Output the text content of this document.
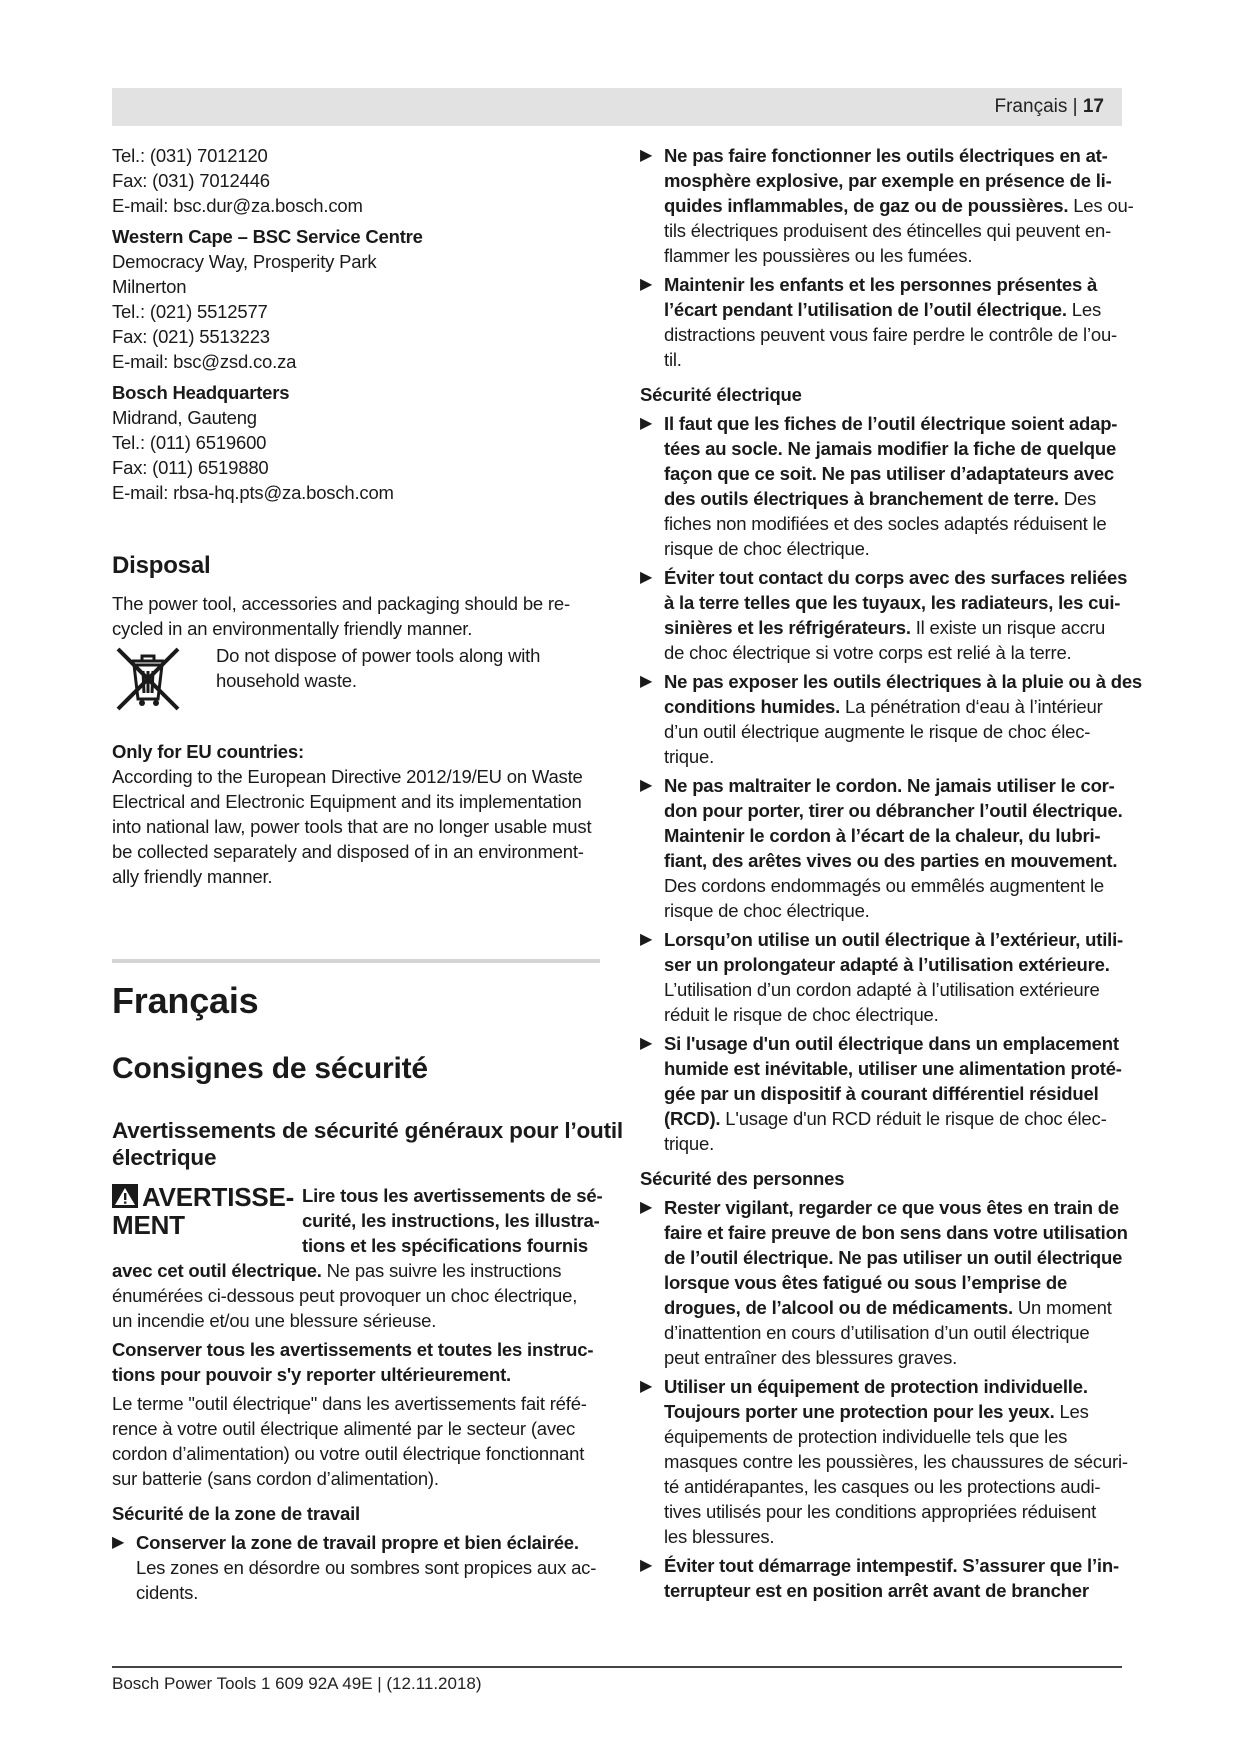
Français | 17
Tel.: (031) 7012120
Fax: (031) 7012446
E-mail: bsc.dur@za.bosch.com
Western Cape – BSC Service Centre
Democracy Way, Prosperity Park
Milnerton
Tel.: (021) 5512577
Fax: (021) 5513223
E-mail: bsc@zsd.co.za
Bosch Headquarters
Midrand, Gauteng
Tel.: (011) 6519600
Fax: (011) 6519880
E-mail: rbsa-hq.pts@za.bosch.com
Disposal
The power tool, accessories and packaging should be re-
cycled in an environmentally friendly manner.
Do not dispose of power tools along with
household waste.
Only for EU countries:
According to the European Directive 2012/19/EU on Waste
Electrical and Electronic Equipment and its implementation
into national law, power tools that are no longer usable must
be collected separately and disposed of in an environment-
ally friendly manner.
Français
Consignes de sécurité
Avertissements de sécurité généraux pour l’outil
électrique
AVERTISSE-
MENT
Lire tous les avertissements de sé-
curité, les instructions, les illustra-
tions et les spécifications fournis
avec cet outil électrique. Ne pas suivre les instructions
énumérées ci-dessous peut provoquer un choc électrique,
un incendie et/ou une blessure sérieuse.
Conserver tous les avertissements et toutes les instruc-
tions pour pouvoir s'y reporter ultérieurement.
Le terme "outil électrique" dans les avertissements fait réfé-
rence à votre outil électrique alimenté par le secteur (avec
cordon d’alimentation) ou votre outil électrique fonctionnant
sur batterie (sans cordon d’alimentation).
Sécurité de la zone de travail
▶ Conserver la zone de travail propre et bien éclairée.
Les zones en désordre ou sombres sont propices aux ac-
cidents.
▶ Ne pas faire fonctionner les outils électriques en at-
mosphère explosive, par exemple en présence de li-
quides inflammables, de gaz ou de poussières. Les ou-
tils électriques produisent des étincelles qui peuvent en-
flammer les poussières ou les fumées.
▶ Maintenir les enfants et les personnes présentes à
l’écart pendant l’utilisation de l’outil électrique. Les
distractions peuvent vous faire perdre le contrôle de l’ou-
til.
Sécurité électrique
▶ Il faut que les fiches de l’outil électrique soient adap-
tées au socle. Ne jamais modifier la fiche de quelque
façon que ce soit. Ne pas utiliser d’adaptateurs avec
des outils électriques à branchement de terre. Des
fiches non modifiées et des socles adaptés réduisent le
risque de choc électrique.
▶ Éviter tout contact du corps avec des surfaces reliées
à la terre telles que les tuyaux, les radiateurs, les cui-
sinières et les réfrigérateurs. Il existe un risque accru
de choc électrique si votre corps est relié à la terre.
▶ Ne pas exposer les outils électriques à la pluie ou à des
conditions humides. La pénétration d‘eau à l’intérieur
d’un outil électrique augmente le risque de choc élec-
trique.
▶ Ne pas maltraiter le cordon. Ne jamais utiliser le cor-
don pour porter, tirer ou débrancher l’outil électrique.
Maintenir le cordon à l’écart de la chaleur, du lubri-
fiant, des arêtes vives ou des parties en mouvement.
Des cordons endommagés ou emmêlés augmentent le
risque de choc électrique.
▶ Lorsqu’on utilise un outil électrique à l’extérieur, utili-
ser un prolongateur adapté à l’utilisation extérieure.
L’utilisation d’un cordon adapté à l’utilisation extérieure
réduit le risque de choc électrique.
▶ Si l'usage d'un outil électrique dans un emplacement
humide est inévitable, utiliser une alimentation proté-
gée par un dispositif à courant différentiel résiduel
(RCD). L'usage d'un RCD réduit le risque de choc élec-
trique.
Sécurité des personnes
▶ Rester vigilant, regarder ce que vous êtes en train de
faire et faire preuve de bon sens dans votre utilisation
de l’outil électrique. Ne pas utiliser un outil électrique
lorsque vous êtes fatigué ou sous l’emprise de
drogues, de l’alcool ou de médicaments. Un moment
d’inattention en cours d’utilisation d’un outil électrique
peut entraîner des blessures graves.
▶ Utiliser un équipement de protection individuelle.
Toujours porter une protection pour les yeux. Les
équipements de protection individuelle tels que les
masques contre les poussières, les chaussures de sécuri-
té antidérapantes, les casques ou les protections audi-
tives utilisés pour les conditions appropriées réduisent
les blessures.
▶ Éviter tout démarrage intempestif. S’assurer que l’in-
terrupteur est en position arrêt avant de brancher
Bosch Power Tools 1 609 92A 49E | (12.11.2018)
